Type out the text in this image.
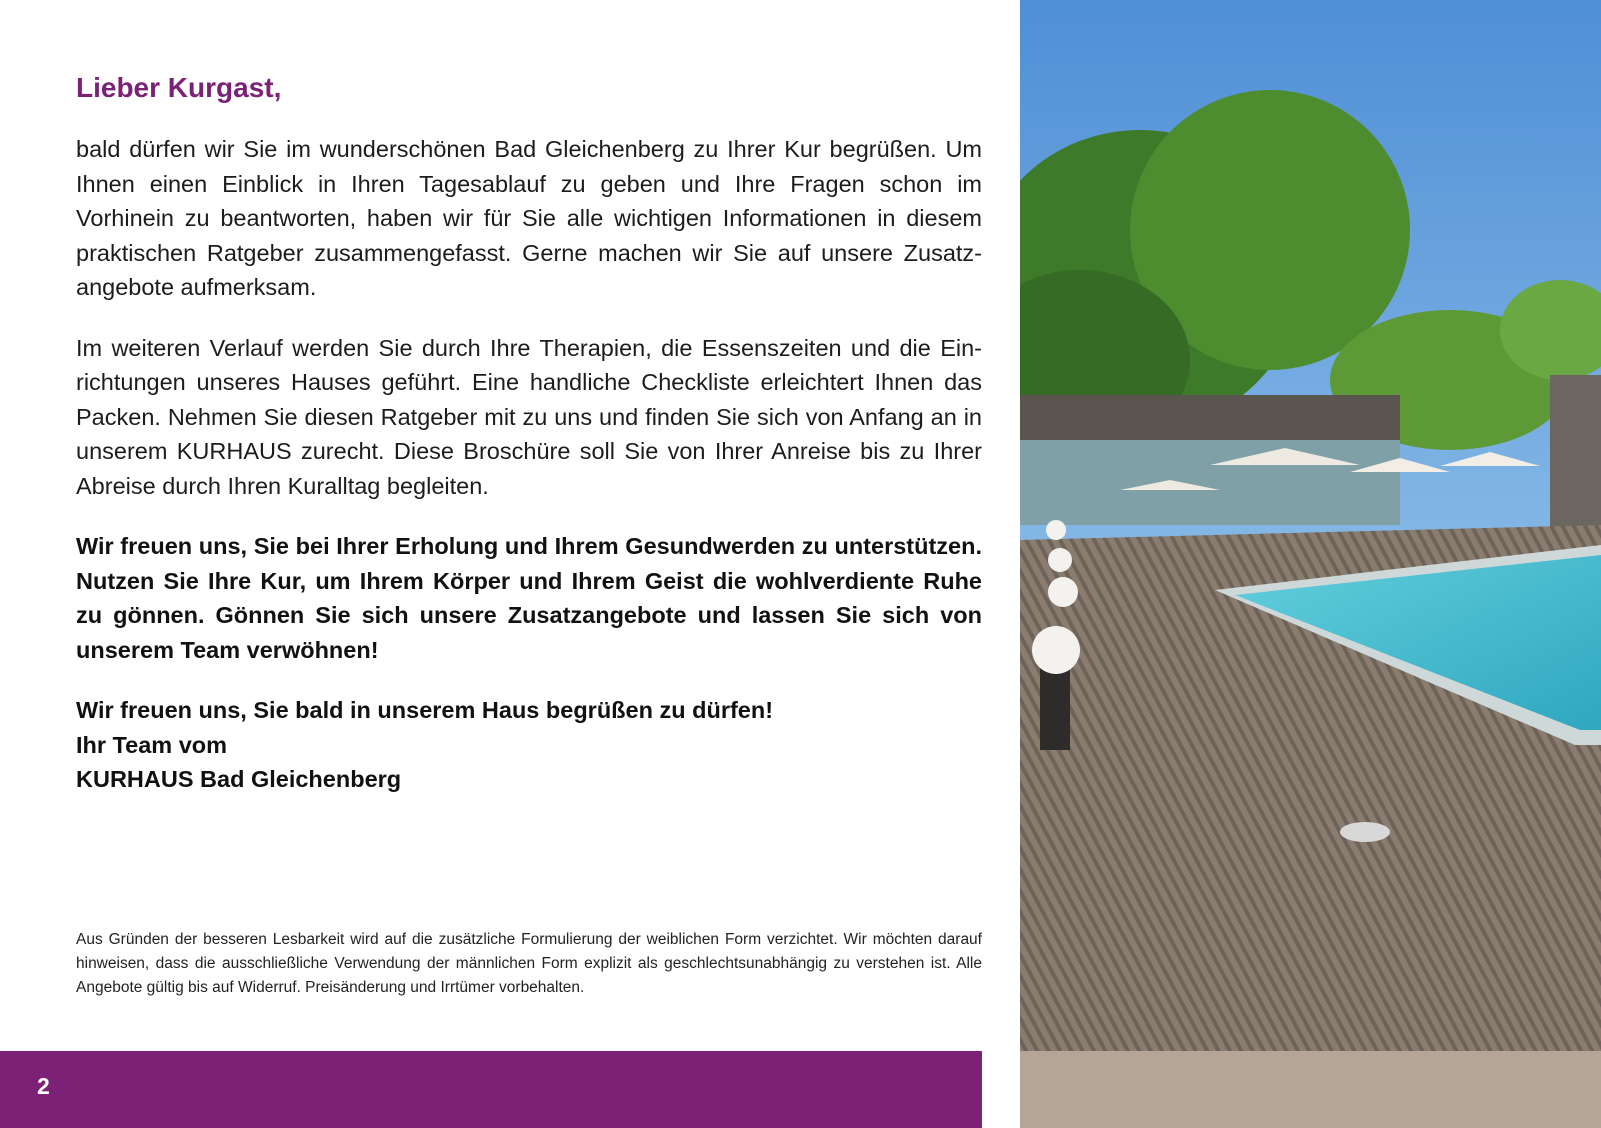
Lieber Kurgast,

bald dürfen wir Sie im wunderschönen Bad Gleichenberg zu Ihrer Kur begrüßen. Um Ihnen einen Einblick in Ihren Tagesablauf zu geben und Ihre Fragen schon im Vorhinein zu beantworten, haben wir für Sie alle wichtigen Informationen in diesem praktischen Ratgeber zusammengefasst. Gerne machen wir Sie auf unsere Zusatzangebote aufmerksam.

Im weiteren Verlauf werden Sie durch Ihre Therapien, die Essenszeiten und die Einrichtungen unseres Hauses geführt. Eine handliche Checkliste erleichtert Ihnen das Packen. Nehmen Sie diesen Ratgeber mit zu uns und finden Sie sich von Anfang an in unserem KURHAUS zurecht. Diese Broschüre soll Sie von Ihrer Anreise bis zu Ihrer Abreise durch Ihren Kuralltag begleiten.

Wir freuen uns, Sie bei Ihrer Erholung und Ihrem Gesundwerden zu unterstützen. Nutzen Sie Ihre Kur, um Ihrem Körper und Ihrem Geist die wohlverdiente Ruhe zu gönnen. Gönnen Sie sich unsere Zusatzangebote und lassen Sie sich von unserem Team verwöhnen!

Wir freuen uns, Sie bald in unserem Haus begrüßen zu dürfen!
Ihr Team vom
KURHAUS Bad Gleichenberg

Aus Gründen der besseren Lesbarkeit wird auf die zusätzliche Formulierung der weiblichen Form verzichtet. Wir möchten darauf hinweisen, dass die ausschließliche Verwendung der männlichen Form explizit als geschlechtsunabhängig zu verstehen ist. Alle Angebote gültig bis auf Widerruf. Preisänderung und Irrtümer vorbehalten.

2
